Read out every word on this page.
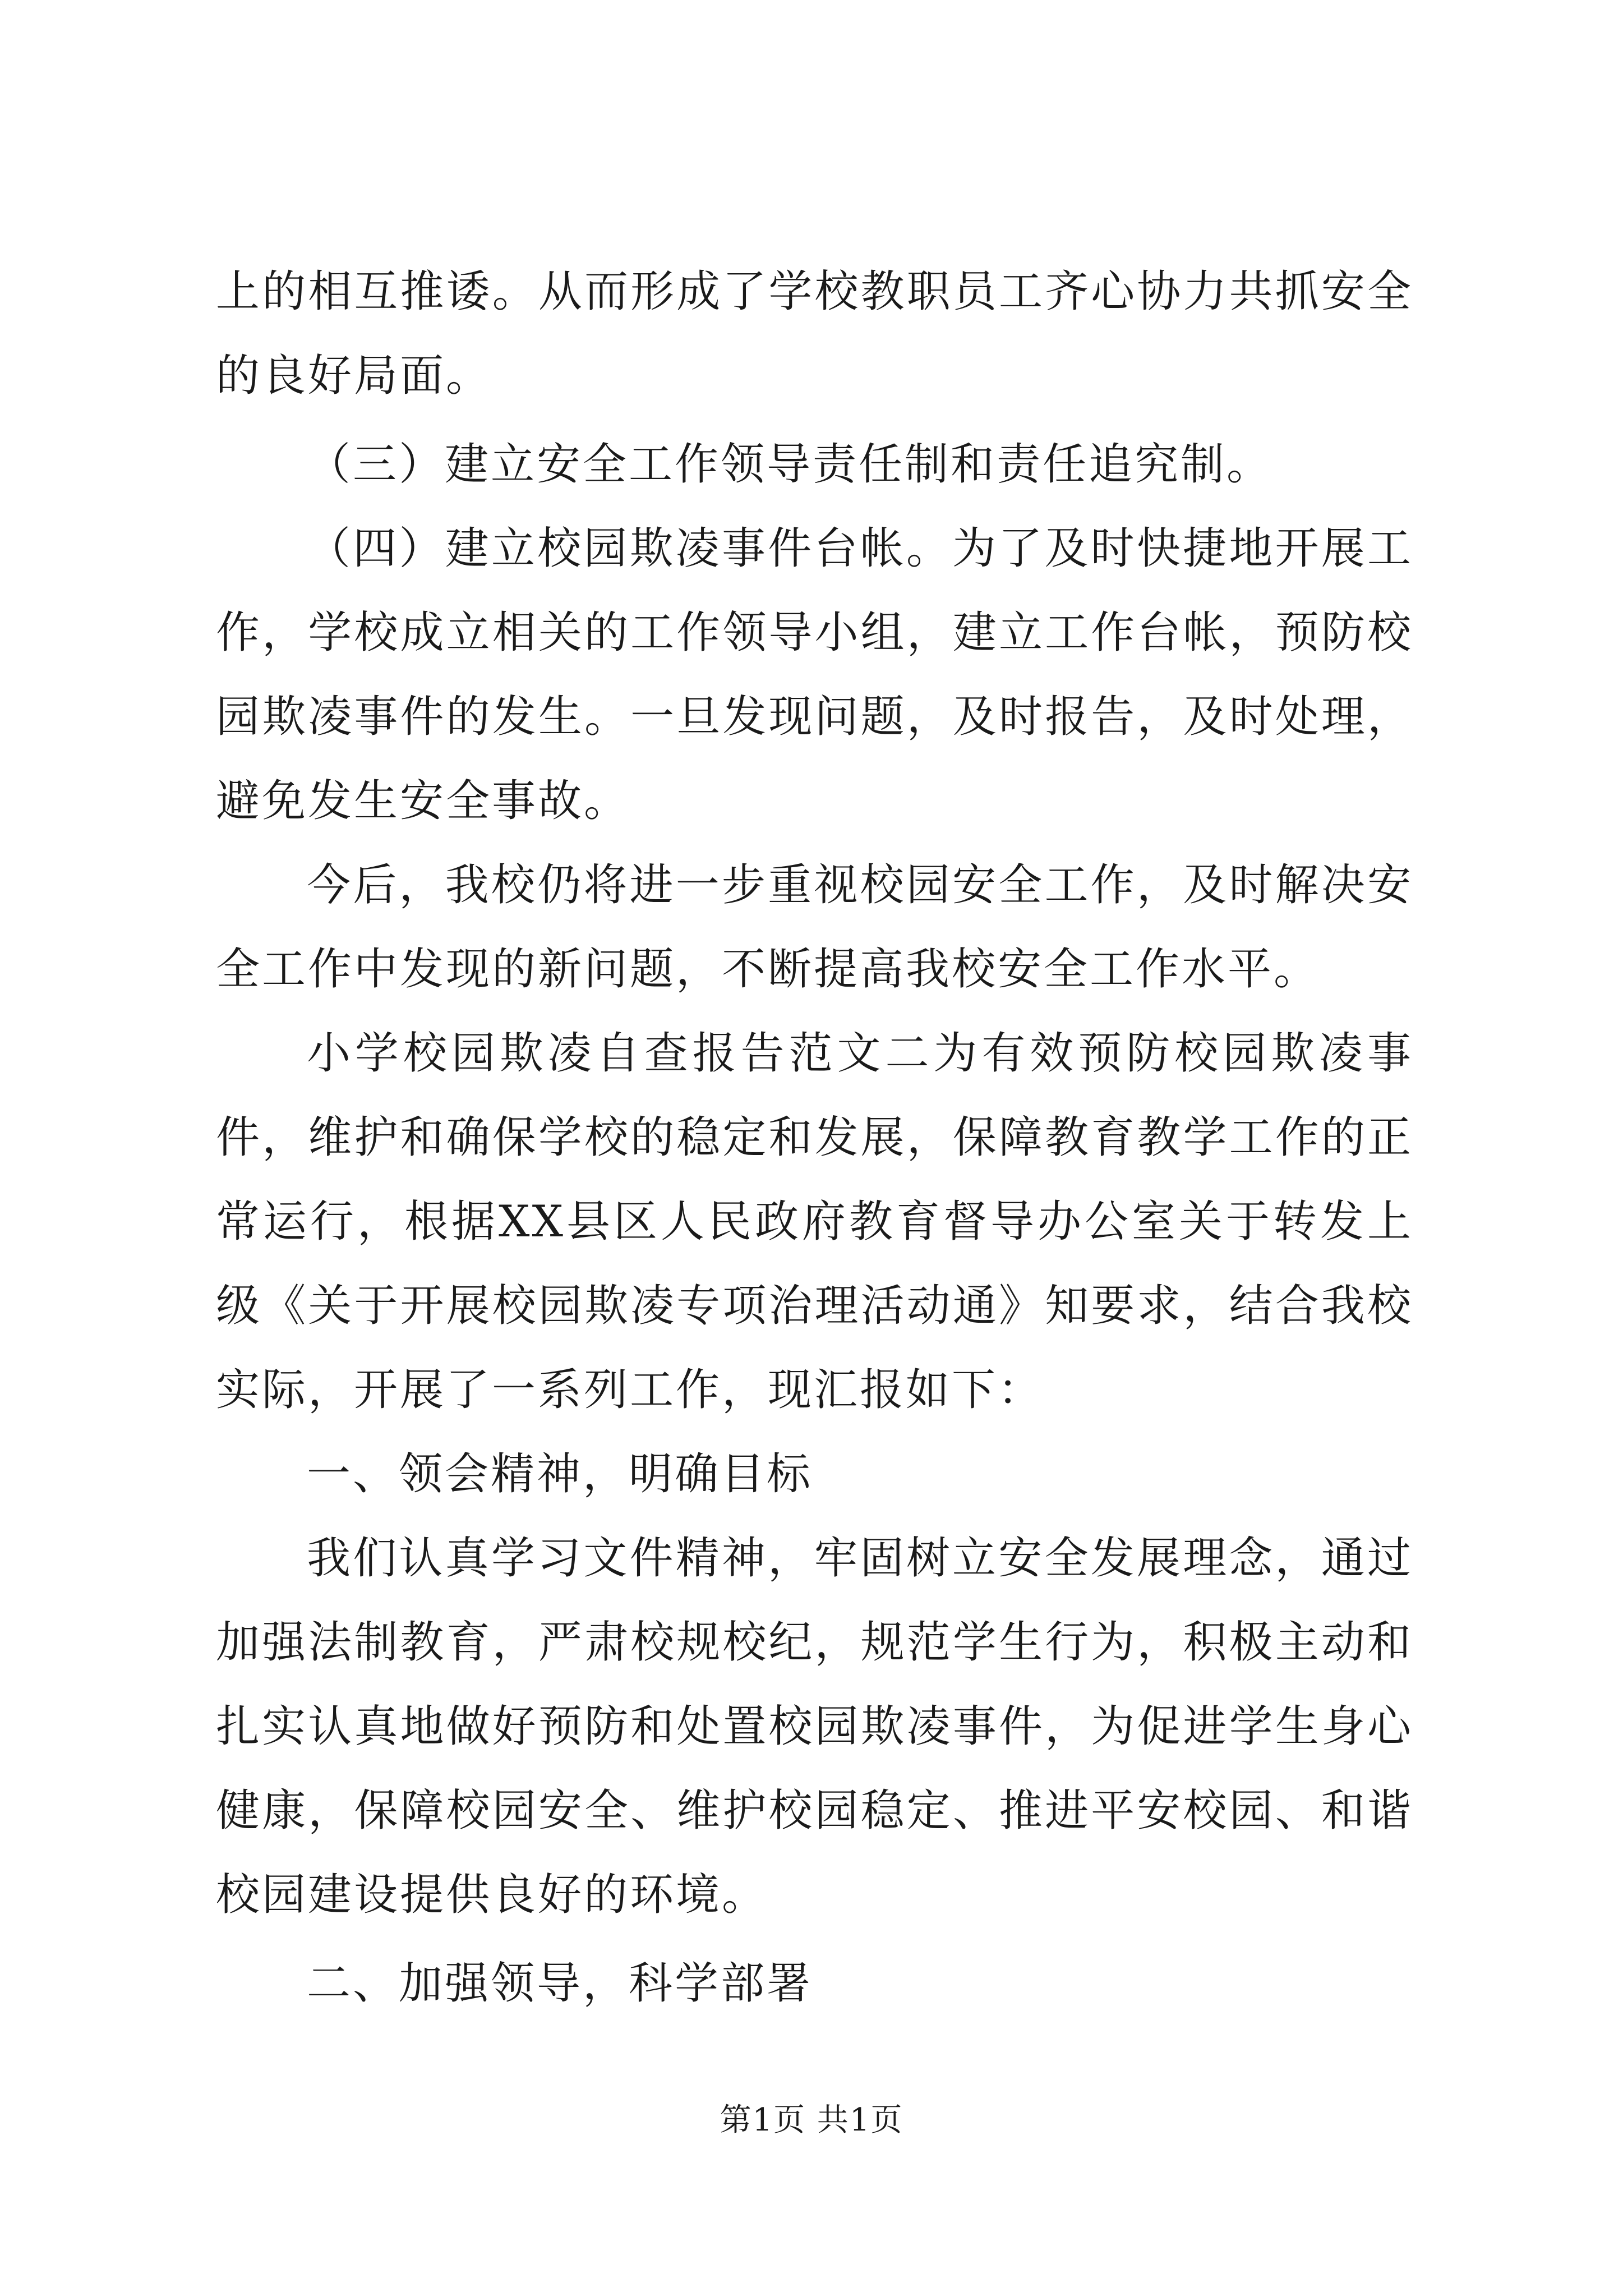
上的相互推诿。从而形成了学校教职员工齐心协力共抓安全的良好局面。

（三）建立安全工作领导责任制和责任追究制。

（四）建立校园欺凌事件台帐。为了及时快捷地开展工作，学校成立相关的工作领导小组，建立工作台帐，预防校园欺凌事件的发生。一旦发现问题，及时报告，及时处理，避免发生安全事故。

今后，我校仍将进一步重视校园安全工作，及时解决安全工作中发现的新问题，不断提高我校安全工作水平。

小学校园欺凌自查报告范文二为有效预防校园欺凌事件，维护和确保学校的稳定和发展，保障教育教学工作的正常运行，根据XX县区人民政府教育督导办公室关于转发上级《关于开展校园欺凌专项治理活动通》知要求，结合我校实际，开展了一系列工作，现汇报如下：

一、领会精神，明确目标

我们认真学习文件精神，牢固树立安全发展理念，通过加强法制教育，严肃校规校纪，规范学生行为，积极主动和扎实认真地做好预防和处置校园欺凌事件，为促进学生身心健康，保障校园安全、维护校园稳定、推进平安校园、和谐校园建设提供良好的环境。

二、加强领导，科学部署

第1页 共1页
